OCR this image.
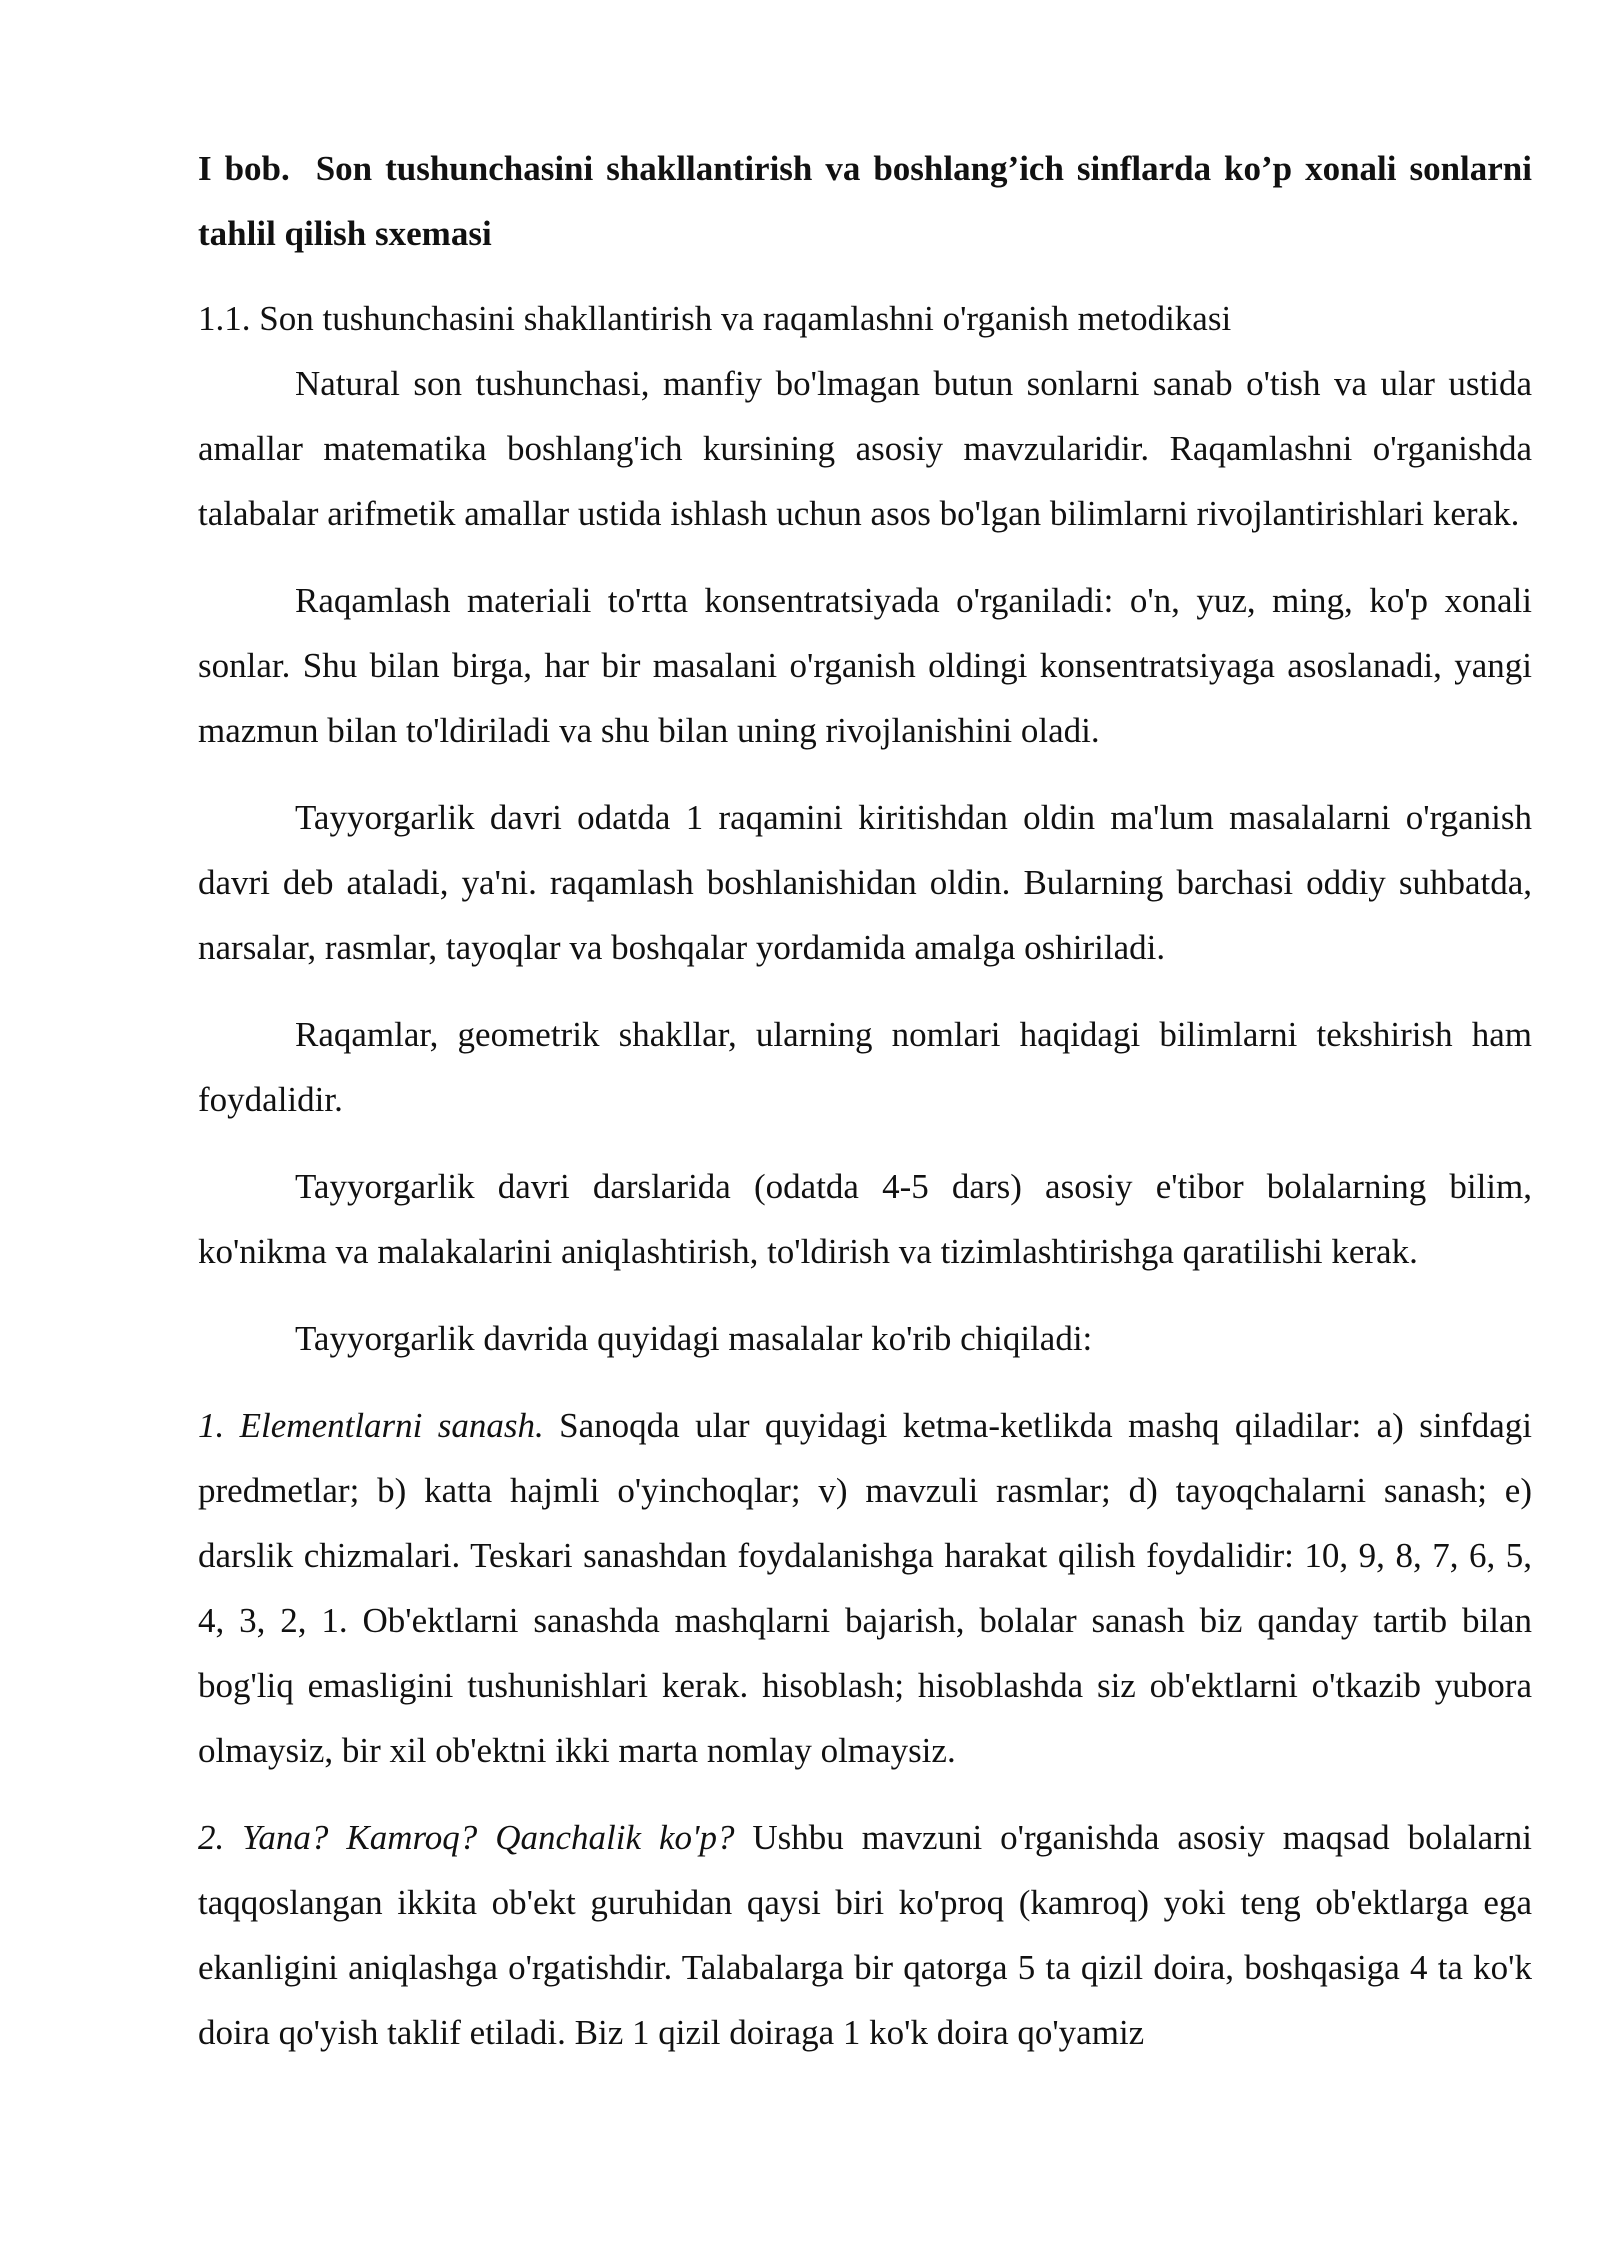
I bob. Son tushunchasini shakllantirish va boshlang’ich sinflarda ko’p xonali sonlarni tahlil qilish sxemasi

1.1. Son tushunchasini shakllantirish va raqamlashni o'rganish metodikasi

Natural son tushunchasi, manfiy bo'lmagan butun sonlarni sanab o'tish va ular ustida amallar matematika boshlang'ich kursining asosiy mavzularidir. Raqamlashni o'rganishda talabalar arifmetik amallar ustida ishlash uchun asos bo'lgan bilimlarni rivojlantirishlari kerak.

Raqamlash materiali to'rtta konsentratsiyada o'rganiladi: o'n, yuz, ming, ko'p xonali sonlar. Shu bilan birga, har bir masalani o'rganish oldingi konsentratsiyaga asoslanadi, yangi mazmun bilan to'ldiriladi va shu bilan uning rivojlanishini oladi.

Tayyorgarlik davri odatda 1 raqamini kiritishdan oldin ma'lum masalalarni o'rganish davri deb ataladi, ya'ni. raqamlash boshlanishidan oldin. Bularning barchasi oddiy suhbatda, narsalar, rasmlar, tayoqlar va boshqalar yordamida amalga oshiriladi.

Raqamlar, geometrik shakllar, ularning nomlari haqidagi bilimlarni tekshirish ham foydalidir.

Tayyorgarlik davri darslarida (odatda 4-5 dars) asosiy e'tibor bolalarning bilim, ko'nikma va malakalarini aniqlashtirish, to'ldirish va tizimlashtirishga qaratilishi kerak.

Tayyorgarlik davrida quyidagi masalalar ko'rib chiqiladi:

1. Elementlarni sanash. Sanoqda ular quyidagi ketma-ketlikda mashq qiladilar: a) sinfdagi predmetlar; b) katta hajmli o'yinchoqlar; v) mavzuli rasmlar; d) tayoqchalarni sanash; e) darslik chizmalari. Teskari sanashdan foydalanishga harakat qilish foydalidir: 10, 9, 8, 7, 6, 5, 4, 3, 2, 1. Ob'ektlarni sanashda mashqlarni bajarish, bolalar sanash biz qanday tartib bilan bog'liq emasligini tushunishlari kerak. hisoblash; hisoblashda siz ob'ektlarni o'tkazib yubora olmaysiz, bir xil ob'ektni ikki marta nomlay olmaysiz.

2. Yana? Kamroq? Qanchalik ko'p? Ushbu mavzuni o'rganishda asosiy maqsad bolalarni taqqoslangan ikkita ob'ekt guruhidan qaysi biri ko'proq (kamroq) yoki teng ob'ektlarga ega ekanligini aniqlashga o'rgatishdir. Talabalarga bir qatorga 5 ta qizil doira, boshqasiga 4 ta ko'k doira qo'yish taklif etiladi. Biz 1 qizil doiraga 1 ko'k doira qo'yamiz
